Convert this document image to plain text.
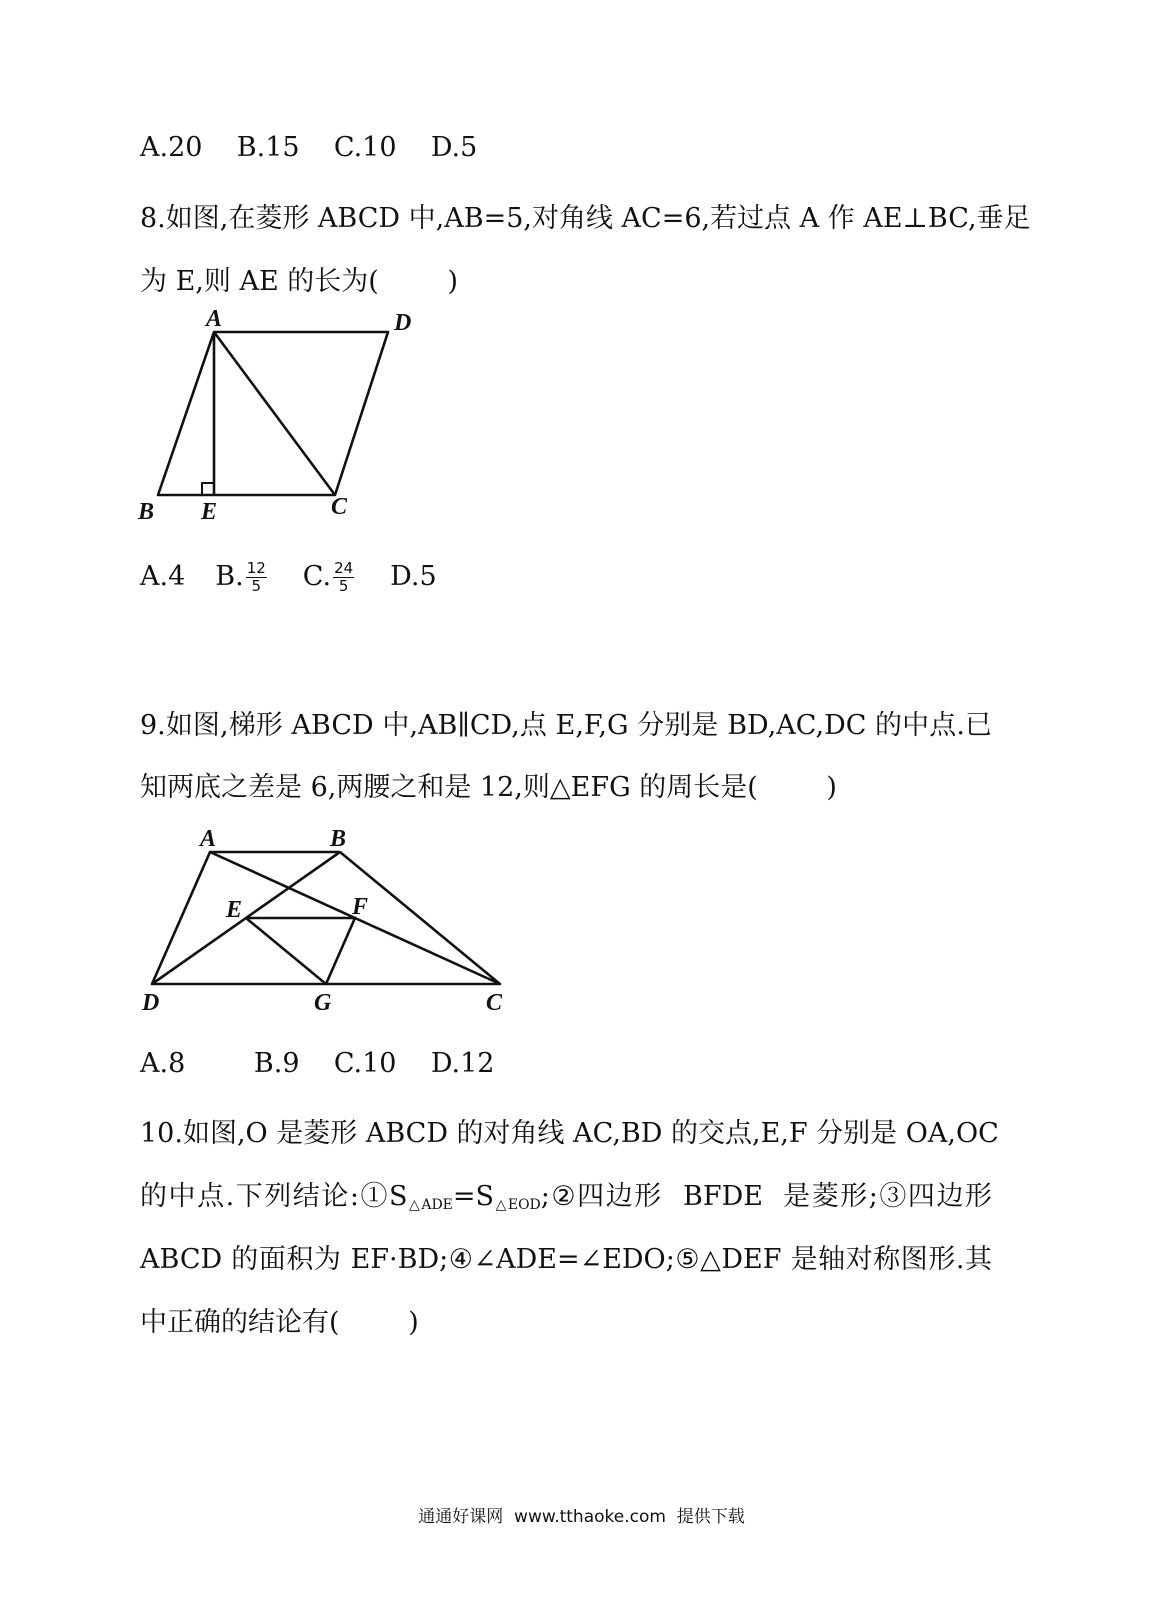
A.20    B.15    C.10    D.5
8.如图,在菱形 ABCD 中,AB=5,对角线 AC=6,若过点 A 作 AE⊥BC,垂足
为 E,则 AE 的长为(        )
A	D
B E	C
A.4 B. $\frac{12}{5} C$. $\frac{24}{5} D.5$
9.如图,梯形 ABCD 中,AB∥CD,点 E,F,G 分别是 BD,AC,DC 的中点.已
知两底之差是 6,两腰之和是 12,则△EFG 的周长是(        )
A	B
E	F
D	G	C
A.8        B.9    C.10    D.12
10.如图,O 是菱形 ABCD 的对角线 AC,BD 的交点,E,F 分别是 OA,OC
的中点.下列结论$:①S_{\triangle ADE}=S_{\triangle EOD};②$四边形  BFDE  是菱形;③四边形
ABCD 的面积为 EF·BD;④∠ADE=∠EDO;⑤△DEF 是轴对称图形.其
中正确的结论有(        )
通通好课网  www.tthaoke.com  提供下载
